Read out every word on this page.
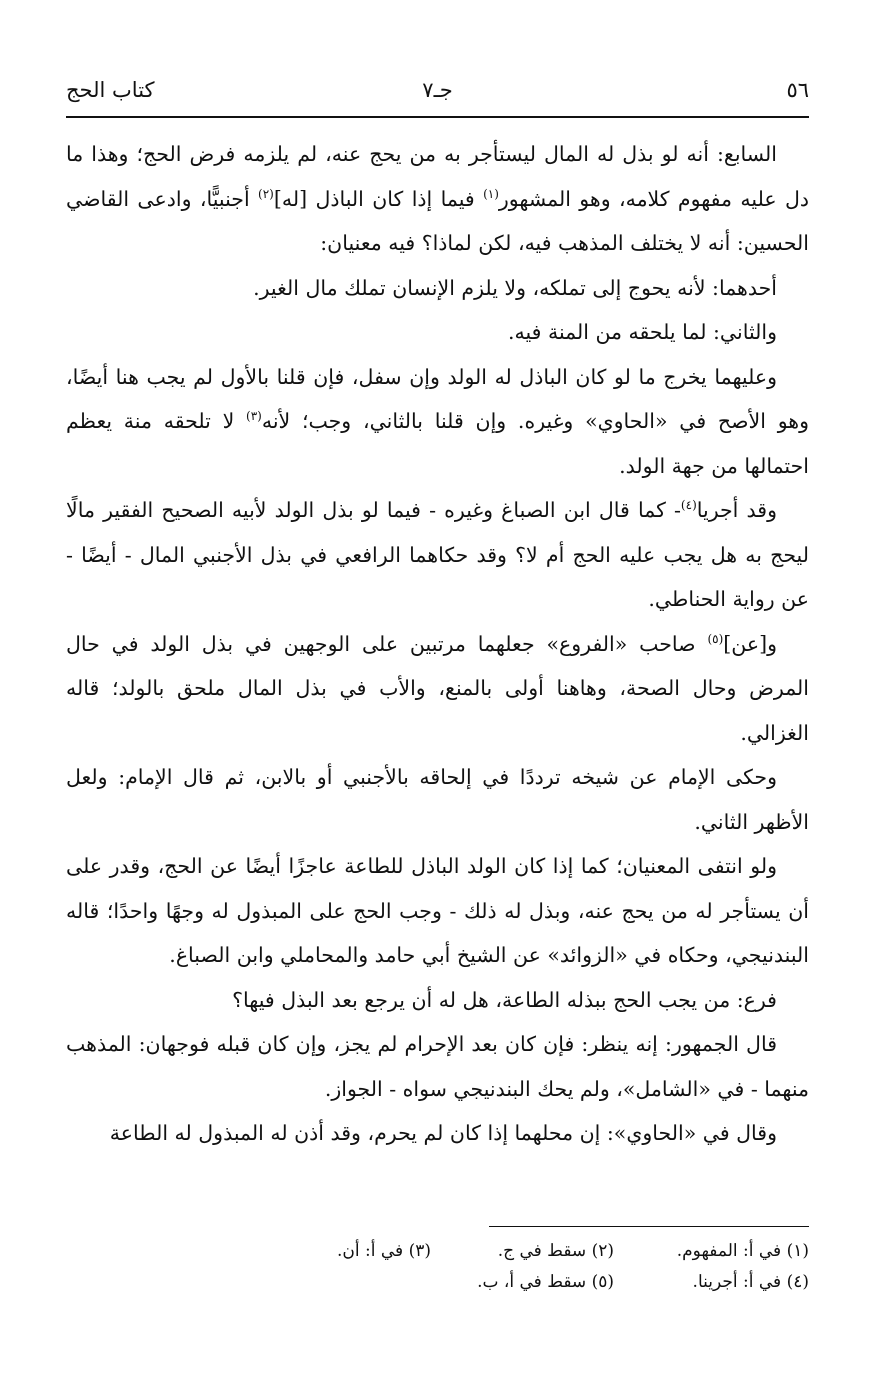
٥٦
جـ٧
كتاب الحج

السابع: أنه لو بذل له المال ليستأجر به من يحج عنه، لم يلزمه فرض الحج؛ وهذا ما دل عليه مفهوم كلامه، وهو المشهور$^{(١)}$ فيما إذا كان الباذل [له]$^{(٢)}$ أجنبيًّا، وادعى القاضي الحسين: أنه لا يختلف المذهب فيه، لكن لماذا؟ فيه معنيان:

أحدهما: لأنه يحوج إلى تملكه، ولا يلزم الإنسان تملك مال الغير.

والثاني: لما يلحقه من المنة فيه.

وعليهما يخرج ما لو كان الباذل له الولد وإن سفل، فإن قلنا بالأول لم يجب هنا أيضًا، وهو الأصح في «الحاوي» وغيره. وإن قلنا بالثاني، وجب؛ لأنه$^{(٣)}$ لا تلحقه منة يعظم احتمالها من جهة الولد.

وقد أجريا$^{(٤)}$- كما قال ابن الصباغ وغيره - فيما لو بذل الولد لأبيه الصحيح الفقير مالًا ليحج به هل يجب عليه الحج أم لا؟ وقد حكاهما الرافعي في بذل الأجنبي المال - أيضًا - عن رواية الحناطي.

و[عن]$^{(٥)}$ صاحب «الفروع» جعلهما مرتبين على الوجهين في بذل الولد في حال المرض وحال الصحة، وهاهنا أولى بالمنع، والأب في بذل المال ملحق بالولد؛ قاله الغزالي.

وحكى الإمام عن شيخه ترددًا في إلحاقه بالأجنبي أو بالابن، ثم قال الإمام: ولعل الأظهر الثاني.

ولو انتفى المعنيان؛ كما إذا كان الولد الباذل للطاعة عاجزًا أيضًا عن الحج، وقدر على أن يستأجر له من يحج عنه، وبذل له ذلك - وجب الحج على المبذول له وجهًا واحدًا؛ قاله البندنيجي، وحكاه في «الزوائد» عن الشيخ أبي حامد والمحاملي وابن الصباغ.

فرع: من يجب الحج ببذله الطاعة، هل له أن يرجع بعد البذل فيها؟

قال الجمهور: إنه ينظر: فإن كان بعد الإحرام لم يجز، وإن كان قبله فوجهان: المذهب منهما - في «الشامل»، ولم يحك البندنيجي سواه - الجواز.

وقال في «الحاوي»: إن محلهما إذا كان لم يحرم، وقد أذن له المبذول له الطاعة

(١) في أ: المفهوم.
(٢) سقط في ج.
(٣) في أ: أن.
(٤) في أ: أجرينا.
(٥) سقط في أ، ب.
